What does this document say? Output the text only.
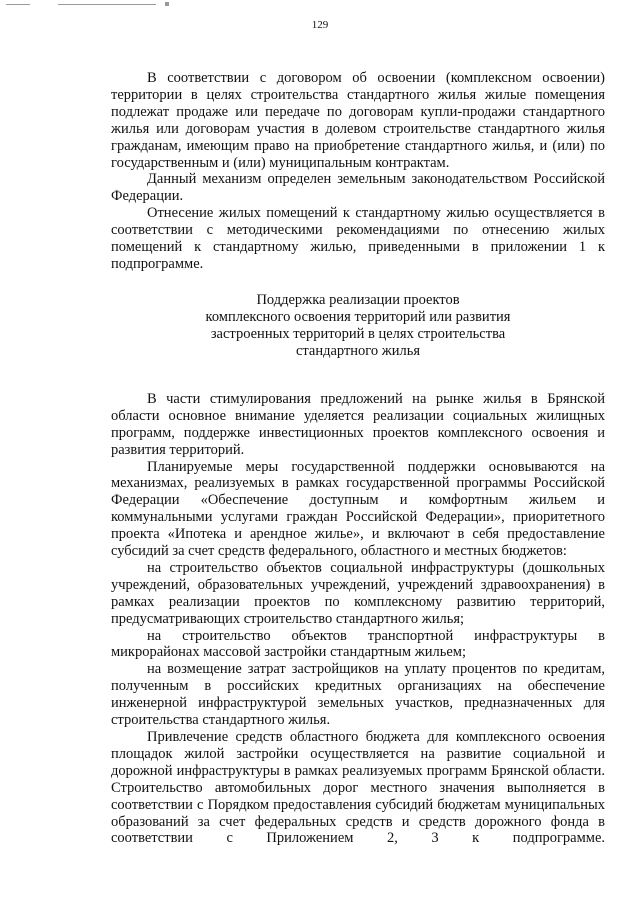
129

В соответствии с договором об освоении (комплексном освоении) территории в целях строительства стандартного жилья жилые помещения подлежат продаже или передаче по договорам купли-продажи стандартного жилья или договорам участия в долевом строительстве стандартного жилья гражданам, имеющим право на приобретение стандартного жилья, и (или) по государственным и (или) муниципальным контрактам.

Данный механизм определен земельным законодательством Российской Федерации.

Отнесение жилых помещений к стандартному жилью осуществляется в соответствии с методическими рекомендациями по отнесению жилых помещений к стандартному жилью, приведенными в приложении 1 к подпрограмме.

Поддержка реализации проектов
комплексного освоения территорий или развития
застроенных территорий в целях строительства
стандартного жилья

В части стимулирования предложений на рынке жилья в Брянской области основное внимание уделяется реализации социальных жилищных программ, поддержке инвестиционных проектов комплексного освоения и развития территорий.

Планируемые меры государственной поддержки основываются на механизмах, реализуемых в рамках государственной программы Российской Федерации «Обеспечение доступным и комфортным жильем и коммунальными услугами граждан Российской Федерации», приоритетного проекта «Ипотека и арендное жилье», и включают в себя предоставление субсидий за счет средств федерального, областного и местных бюджетов:

на строительство объектов социальной инфраструктуры (дошкольных учреждений, образовательных учреждений, учреждений здравоохранения) в рамках реализации проектов по комплексному развитию территорий, предусматривающих строительство стандартного жилья;

на строительство объектов транспортной инфраструктуры в микрорайонах массовой застройки стандартным жильем;

на возмещение затрат застройщиков на уплату процентов по кредитам, полученным в российских кредитных организациях на обеспечение инженерной инфраструктурой земельных участков, предназначенных для строительства стандартного жилья.

Привлечение средств областного бюджета для комплексного освоения площадок жилой застройки осуществляется на развитие социальной и дорожной инфраструктуры в рамках реализуемых программ Брянской области. Строительство автомобильных дорог местного значения выполняется в соответствии с Порядком предоставления субсидий бюджетам муниципальных образований за счет федеральных средств и средств дорожного фонда в соответствии с Приложением 2, 3 к подпрограмме.
